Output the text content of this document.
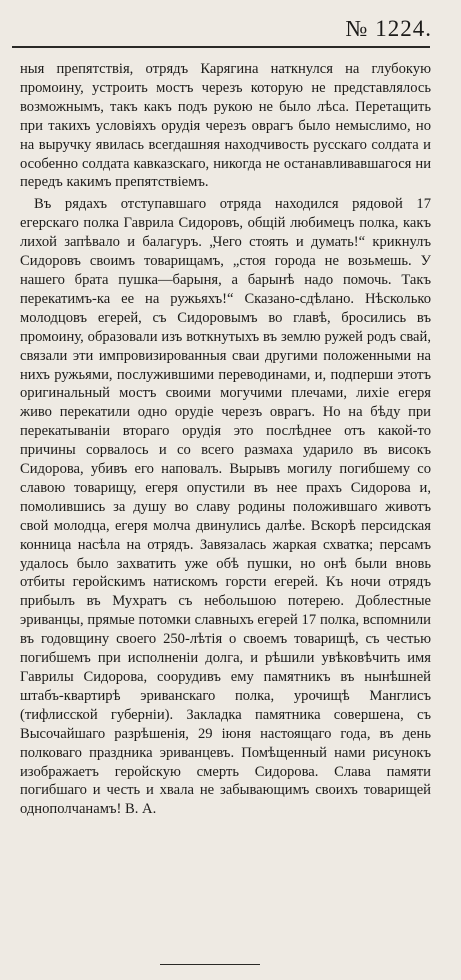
№ 1224.

ныя препятствія, отрядъ Карягина наткнулся на глубокую промоину, устроить мостъ черезъ которую не представлялось возможнымъ, такъ какъ подъ рукою не было лѣса. Перетащить при такихъ условіяхъ орудія черезъ оврагъ было немыслимо, но на выручку явилась всегдашняя находчивость русскаго солдата и особенно солдата кавказскаго, никогда не останавливавшагося ни передъ какимъ препятствіемъ.

Въ рядахъ отступавшаго отряда находился рядовой 17 егерскаго полка Гаврила Сидоровъ, общій любимецъ полка, какъ лихой запѣвало и балагуръ. „Чего стоять и думать!“ крикнулъ Сидоровъ своимъ товарищамъ, „стоя города не возьмешь. У нашего брата пушка—барыня, а барынѣ надо помочь. Такъ перекатимъ-ка ее на ружьяхъ!“ Сказано-сдѣлано. Нѣсколько молодцовъ егерей, съ Сидоровымъ во главѣ, бросились въ промоину, образовали изъ воткнутыхъ въ землю ружей родъ свай, связали эти импровизированныя сваи другими положенными на нихъ ружьями, послужившими переводинами, и, подперши этотъ оригинальный мостъ своими могучими плечами, лихіе егеря живо перекатили одно орудіе черезъ оврагъ. Но на бѣду при перекатываніи втораго орудія это послѣднее отъ какой-то причины сорвалось и со всего размаха ударило въ високъ Сидорова, убивъ его наповалъ. Вырывъ могилу погибшему со славою товарищу, егеря опустили въ нее прахъ Сидорова и, помолившись за душу во славу родины положившаго животъ свой молодца, егеря молча двинулись далѣе. Вскорѣ персидская конница насѣла на отрядъ. Завязалась жаркая схватка; персамъ удалось было захватить уже обѣ пушки, но онѣ были вновь отбиты геройскимъ натискомъ горсти егерей. Къ ночи отрядъ прибылъ въ Мухратъ съ небольшою потерею. Доблестные эриванцы, прямые потомки славныхъ егерей 17 полка, вспомнили въ годовщину своего 250-лѣтія о своемъ товарищѣ, съ честью погибшемъ при исполненіи долга, и рѣшили увѣковѣчить имя Гаврилы Сидорова, соорудивъ ему памятникъ въ нынѣшней штабъ-квартирѣ эриванскаго полка, урочищѣ Манглисъ (тифлисской губерніи). Закладка памятника совершена, съ Высочайшаго разрѣшенія, 29 іюня настоящаго года, въ день полковаго праздника эриванцевъ. Помѣщенный нами рисунокъ изображаетъ геройскую смерть Сидорова. Слава памяти погибшаго и честь и хвала не забывающимъ своихъ товарищей однополчанамъ! В. А.
